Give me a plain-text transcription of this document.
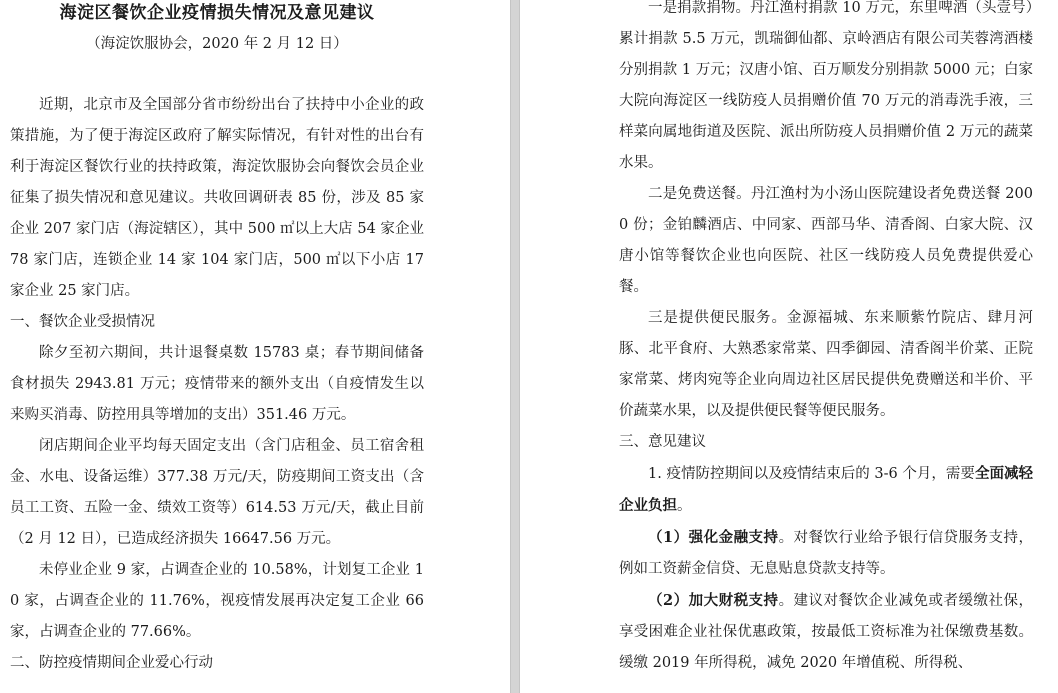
海淀区餐饮企业疫情损失情况及意见建议
（海淀饮服协会，2020 年 2 月 12 日）

近期，北京市及全国部分省市纷纷出台了扶持中小企业的政策措施，为了便于海淀区政府了解实际情况，有针对性的出台有利于海淀区餐饮行业的扶持政策，海淀饮服协会向餐饮会员企业征集了损失情况和意见建议。共收回调研表 85 份，涉及 85 家企业 207 家门店（海淀辖区），其中 500 ㎡以上大店 54 家企业 78 家门店，连锁企业 14 家 104 家门店，500 ㎡以下小店 17 家企业 25 家门店。

一、餐饮企业受损情况

除夕至初六期间，共计退餐桌数 15783 桌；春节期间储备食材损失 2943.81 万元；疫情带来的额外支出（自疫情发生以来购买消毒、防控用具等增加的支出）351.46 万元。

闭店期间企业平均每天固定支出（含门店租金、员工宿舍租金、水电、设备运维）377.38 万元/天，防疫期间工资支出（含员工工资、五险一金、绩效工资等）614.53 万元/天，截止目前（2 月 12 日），已造成经济损失 16647.56 万元。

未停业企业 9 家，占调查企业的 10.58%，计划复工企业 10 家，占调查企业的 11.76%，视疫情发展再决定复工企业 66 家，占调查企业的 77.66%。

二、防控疫情期间企业爱心行动

一是捐款捐物。丹江渔村捐款 10 万元，东里啤酒（头壹号）累计捐款 5.5 万元，凯瑞御仙都、京岭酒店有限公司芙蓉湾酒楼分别捐款 1 万元；汉唐小馆、百万顺发分别捐款 5000 元；白家大院向海淀区一线防疫人员捐赠价值 70 万元的消毒洗手液，三样菜向属地街道及医院、派出所防疫人员捐赠价值 2 万元的蔬菜水果。

二是免费送餐。丹江渔村为小汤山医院建设者免费送餐 2000 份；金铂麟酒店、中同家、西部马华、清香阁、白家大院、汉唐小馆等餐饮企业也向医院、社区一线防疫人员免费提供爱心餐。

三是提供便民服务。金源福城、东来顺紫竹院店、肆月河豚、北平食府、大熟悉家常菜、四季御园、清香阁半价菜、正院家常菜、烤肉宛等企业向周边社区居民提供免费赠送和半价、平价蔬菜水果，以及提供便民餐等便民服务。

三、意见建议

1. 疫情防控期间以及疫情结束后的 3-6 个月，需要全面减轻企业负担。

（1）强化金融支持。对餐饮行业给予银行信贷服务支持，例如工资薪金信贷、无息贴息贷款支持等。

（2）加大财税支持。建议对餐饮企业减免或者缓缴社保，享受困难企业社保优惠政策，按最低工资标准为社保缴费基数。缓缴 2019 年所得税，减免 2020 年增值税、所得税、
